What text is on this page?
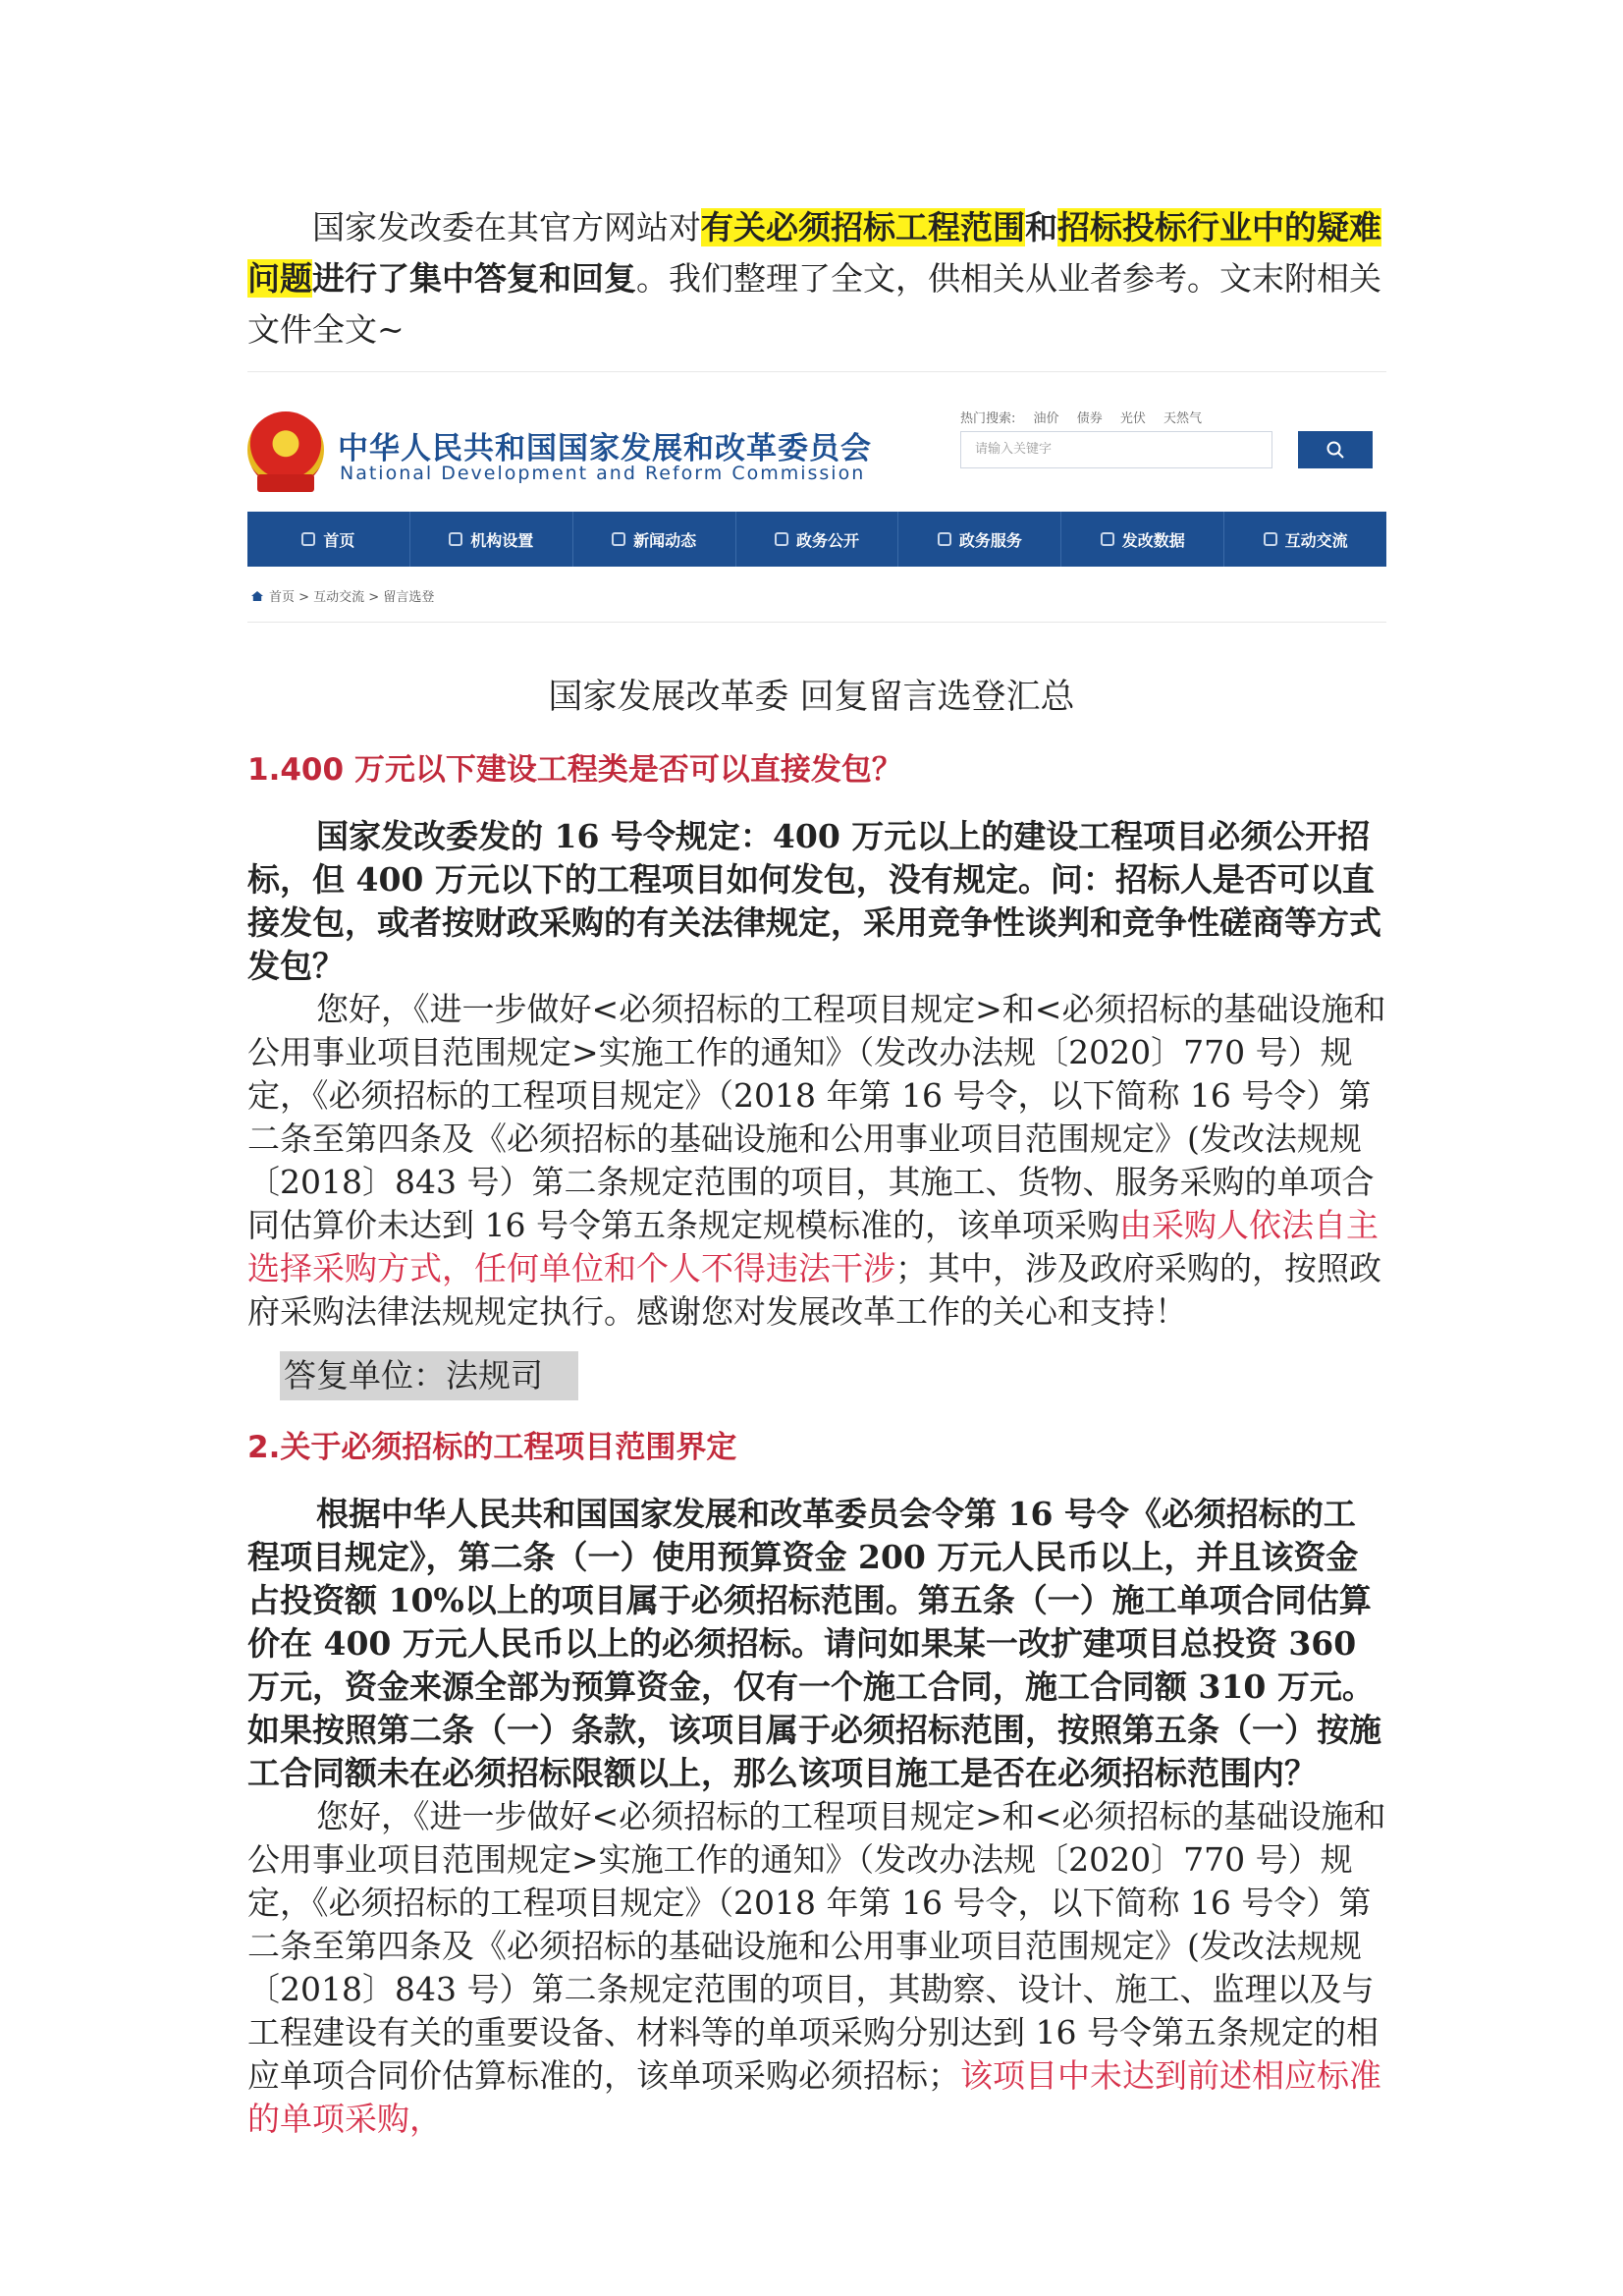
国家发改委在其官方网站对有关必须招标工程范围和招标投标行业中的疑难问题进行了集中答复和回复。我们整理了全文，供相关从业者参考。文末附相关文件全文~
中华人民共和国国家发展和改革委员会
National Development and Reform Commission
热门搜索: 油价 债券 光伏 天然气
请输入关键字
首页	机构设置	新闻动态	政务公开	政务服务	发改数据	互动交流
首页 > 互动交流 > 留言选登
国家发展改革委 回复留言选登汇总
1.400 万元以下建设工程类是否可以直接发包？
国家发改委发的 16 号令规定：400 万元以上的建设工程项目必须公开招标，但 400 万元以下的工程项目如何发包，没有规定。问：招标人是否可以直接发包，或者按财政采购的有关法律规定，采用竞争性谈判和竞争性磋商等方式发包？
您好，《进一步做好<必须招标的工程项目规定>和<必须招标的基础设施和公用事业项目范围规定>实施工作的通知》（发改办法规〔2020〕770 号）规定，《必须招标的工程项目规定》（2018 年第 16 号令，以下简称 16 号令）第二条至第四条及《必须招标的基础设施和公用事业项目范围规定》(发改法规规〔2018〕843 号）第二条规定范围的项目，其施工、货物、服务采购的单项合同估算价未达到 16 号令第五条规定规模标准的，该单项采购由采购人依法自主选择采购方式，任何单位和个人不得违法干涉；其中，涉及政府采购的，按照政府采购法律法规规定执行。感谢您对发展改革工作的关心和支持！
答复单位：法规司
2.关于必须招标的工程项目范围界定
根据中华人民共和国国家发展和改革委员会令第 16 号令《必须招标的工程项目规定》，第二条（一）使用预算资金 200 万元人民币以上，并且该资金占投资额 10%以上的项目属于必须招标范围。第五条（一）施工单项合同估算价在 400 万元人民币以上的必须招标。请问如果某一改扩建项目总投资 360 万元，资金来源全部为预算资金，仅有一个施工合同，施工合同额 310 万元。如果按照第二条（一）条款，该项目属于必须招标范围，按照第五条（一）按施工合同额未在必须招标限额以上，那么该项目施工是否在必须招标范围内？
您好，《进一步做好<必须招标的工程项目规定>和<必须招标的基础设施和公用事业项目范围规定>实施工作的通知》（发改办法规〔2020〕770 号）规定，《必须招标的工程项目规定》（2018 年第 16 号令，以下简称 16 号令）第二条至第四条及《必须招标的基础设施和公用事业项目范围规定》(发改法规规〔2018〕843 号）第二条规定范围的项目，其勘察、设计、施工、监理以及与工程建设有关的重要设备、材料等的单项采购分别达到 16 号令第五条规定的相应单项合同价估算标准的，该单项采购必须招标；该项目中未达到前述相应标准的单项采购，
